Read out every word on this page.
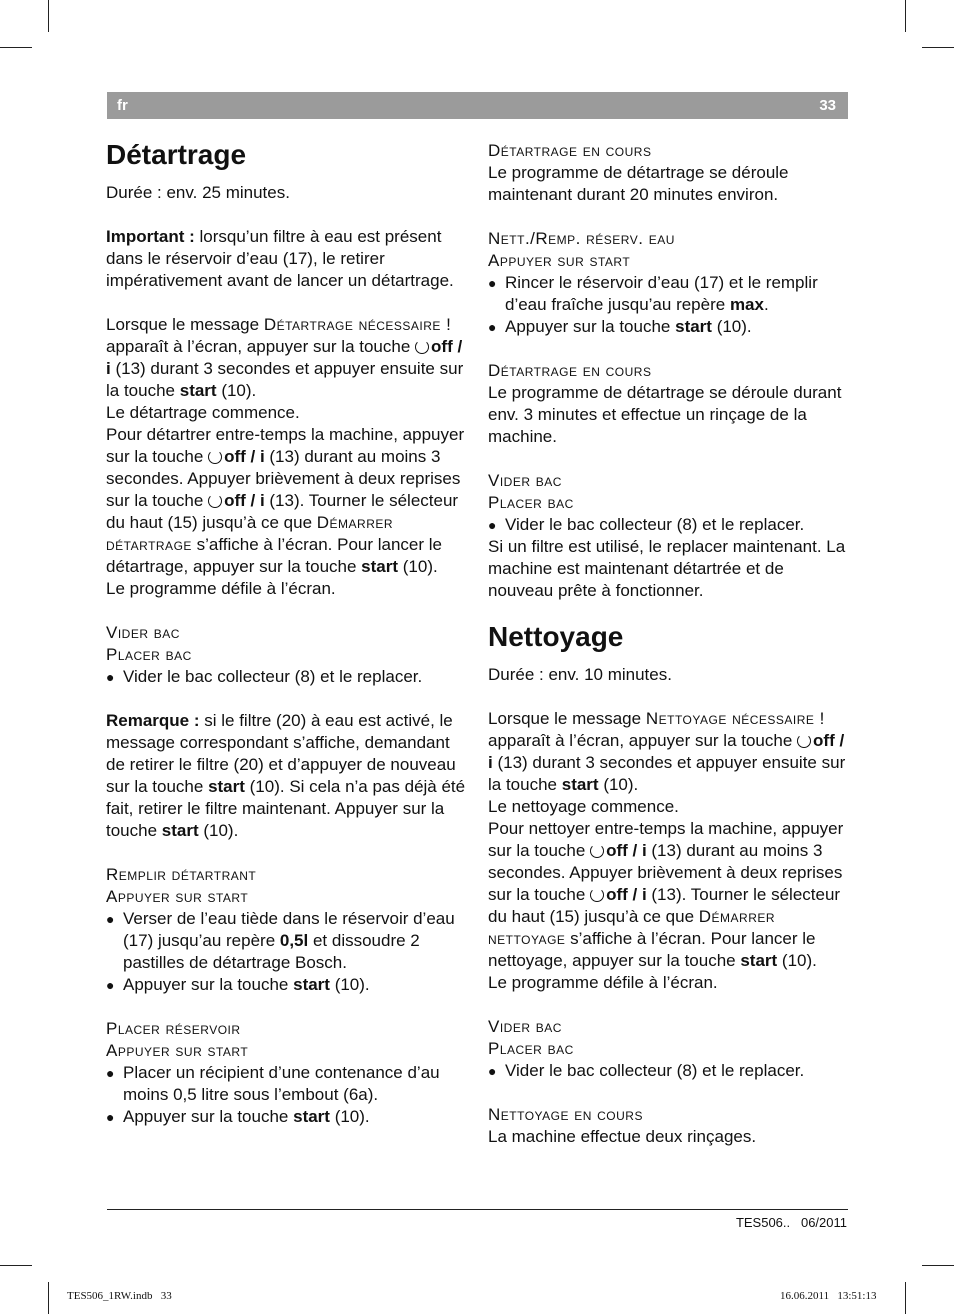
fr	33
Détartrage

Durée : env. 25 minutes.

Important : lorsqu’un filtre à eau est présent dans le réservoir d’eau (17), le retirer impérativement avant de lancer un détartrage.

Lorsque le message Détartrage nécessaire ! apparaît à l’écran, appuyer sur la touche off / i (13) durant 3 secondes et appuyer ensuite sur la touche start (10).

Le détartrage commence.

Pour détartrer entre-temps la machine, appuyer sur la touche off / i (13) durant au moins 3 secondes. Appuyer brièvement à deux reprises sur la touche off / i (13). Tourner le sélecteur du haut (15) jusqu’à ce que Démarrer détartrage s’affiche à l’écran. Pour lancer le détartrage, appuyer sur la touche start (10).

Le programme défile à l’écran.

Vider bac

Placer bac

● Vider le bac collecteur (8) et le replacer.

Remarque : si le filtre (20) à eau est activé, le message correspondant s’affiche, demandant de retirer le filtre (20) et d’appuyer de nouveau sur la touche start (10). Si cela n’a pas déjà été fait, retirer le filtre maintenant. Appuyer sur la touche start (10).

Remplir détartrant

Appuyer sur start

● Verser de l’eau tiède dans le réservoir d’eau (17) jusqu’au repère 0,5l et dissoudre 2 pastilles de détartrage Bosch.
● Appuyer sur la touche start (10).

Placer réservoir

Appuyer sur start

● Placer un récipient d’une contenance d’au moins 0,5 litre sous l’embout (6a).
● Appuyer sur la touche start (10).

Détartrage en cours

Le programme de détartrage se déroule maintenant durant 20 minutes environ.

Nett./Remp. réserv. eau

Appuyer sur start

● Rincer le réservoir d’eau (17) et le remplir d’eau fraîche jusqu’au repère max.
● Appuyer sur la touche start (10).

Détartrage en cours

Le programme de détartrage se déroule durant env. 3 minutes et effectue un rinçage de la machine.

Vider bac

Placer bac

● Vider le bac collecteur (8) et le replacer.

Si un filtre est utilisé, le replacer maintenant. La machine est maintenant détartrée et de nouveau prête à fonctionner.

Nettoyage

Durée : env. 10 minutes.

Lorsque le message Nettoyage nécessaire ! apparaît à l’écran, appuyer sur la touche off / i (13) durant 3 secondes et appuyer ensuite sur la touche start (10).

Le nettoyage commence.

Pour nettoyer entre-temps la machine, appuyer sur la touche off / i (13) durant au moins 3 secondes. Appuyer brièvement à deux reprises sur la touche off / i (13). Tourner le sélecteur du haut (15) jusqu’à ce que Démarrer nettoyage s’affiche à l’écran. Pour lancer le nettoyage, appuyer sur la touche start (10).

Le programme défile à l’écran.

Vider bac

Placer bac

● Vider le bac collecteur (8) et le replacer.

Nettoyage en cours

La machine effectue deux rinçages.

TES506..   06/2011
TES506_1RW.indb   33	16.06.2011   13:51:13
